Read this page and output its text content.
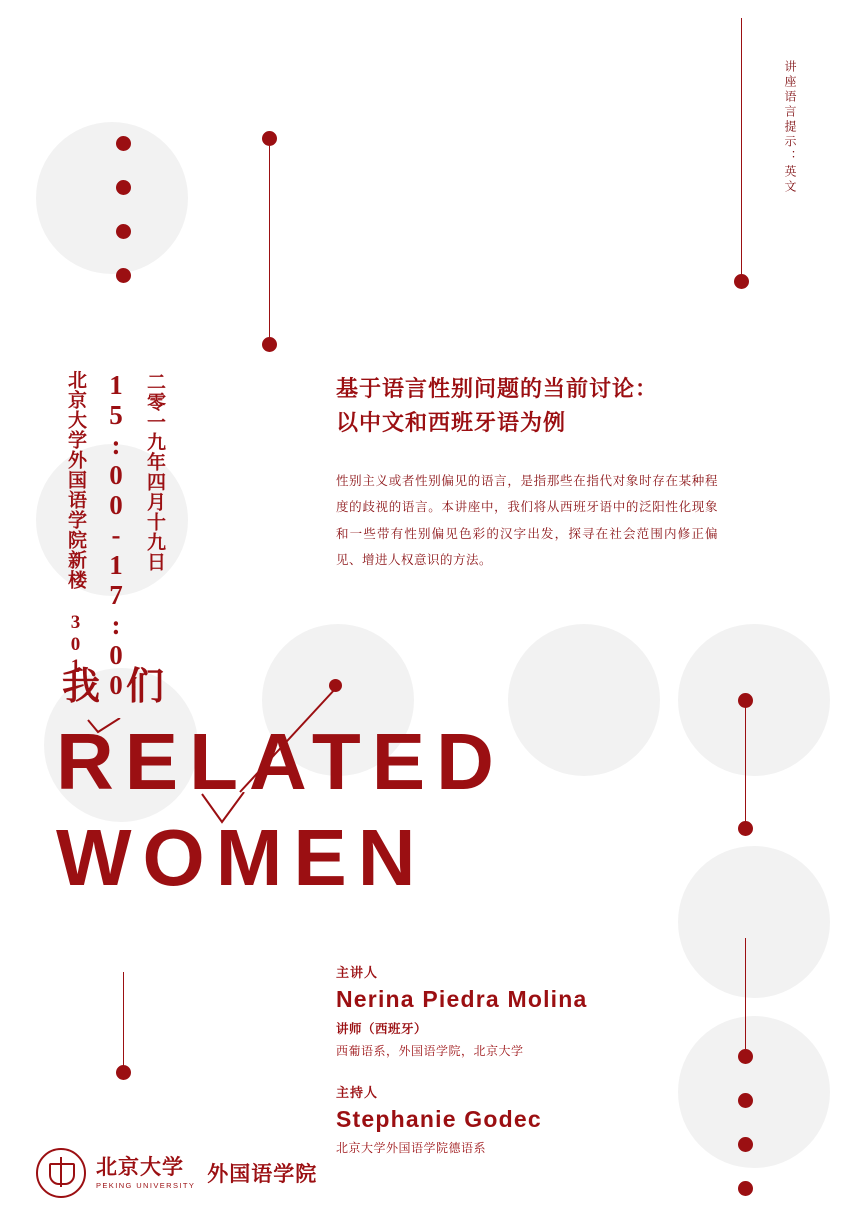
讲座语言提示：英文
北京大学外国语学院新楼 301 15:00-17:00 二零一九年四月十九日	基于语言性别问题的当前讨论：
以中文和西班牙语为例
性别主义或者性别偏见的语言，是指那些在指代对象时存在某种程度的歧视的语言。本讲座中，我们将从西班牙语中的泛阳性化现象和一些带有性别偏见色彩的汉字出发，探寻在社会范围内修正偏见、增进人权意识的方法。
我们
RELATED
WOMEN
主讲人
Nerina Piedra Molina
讲师（西班牙）
西葡语系，外国语学院，北京大学
主持人
Stephanie Godec
北京大学外国语学院德语系
北京大学
PEKING UNIVERSITY 外国语学院
